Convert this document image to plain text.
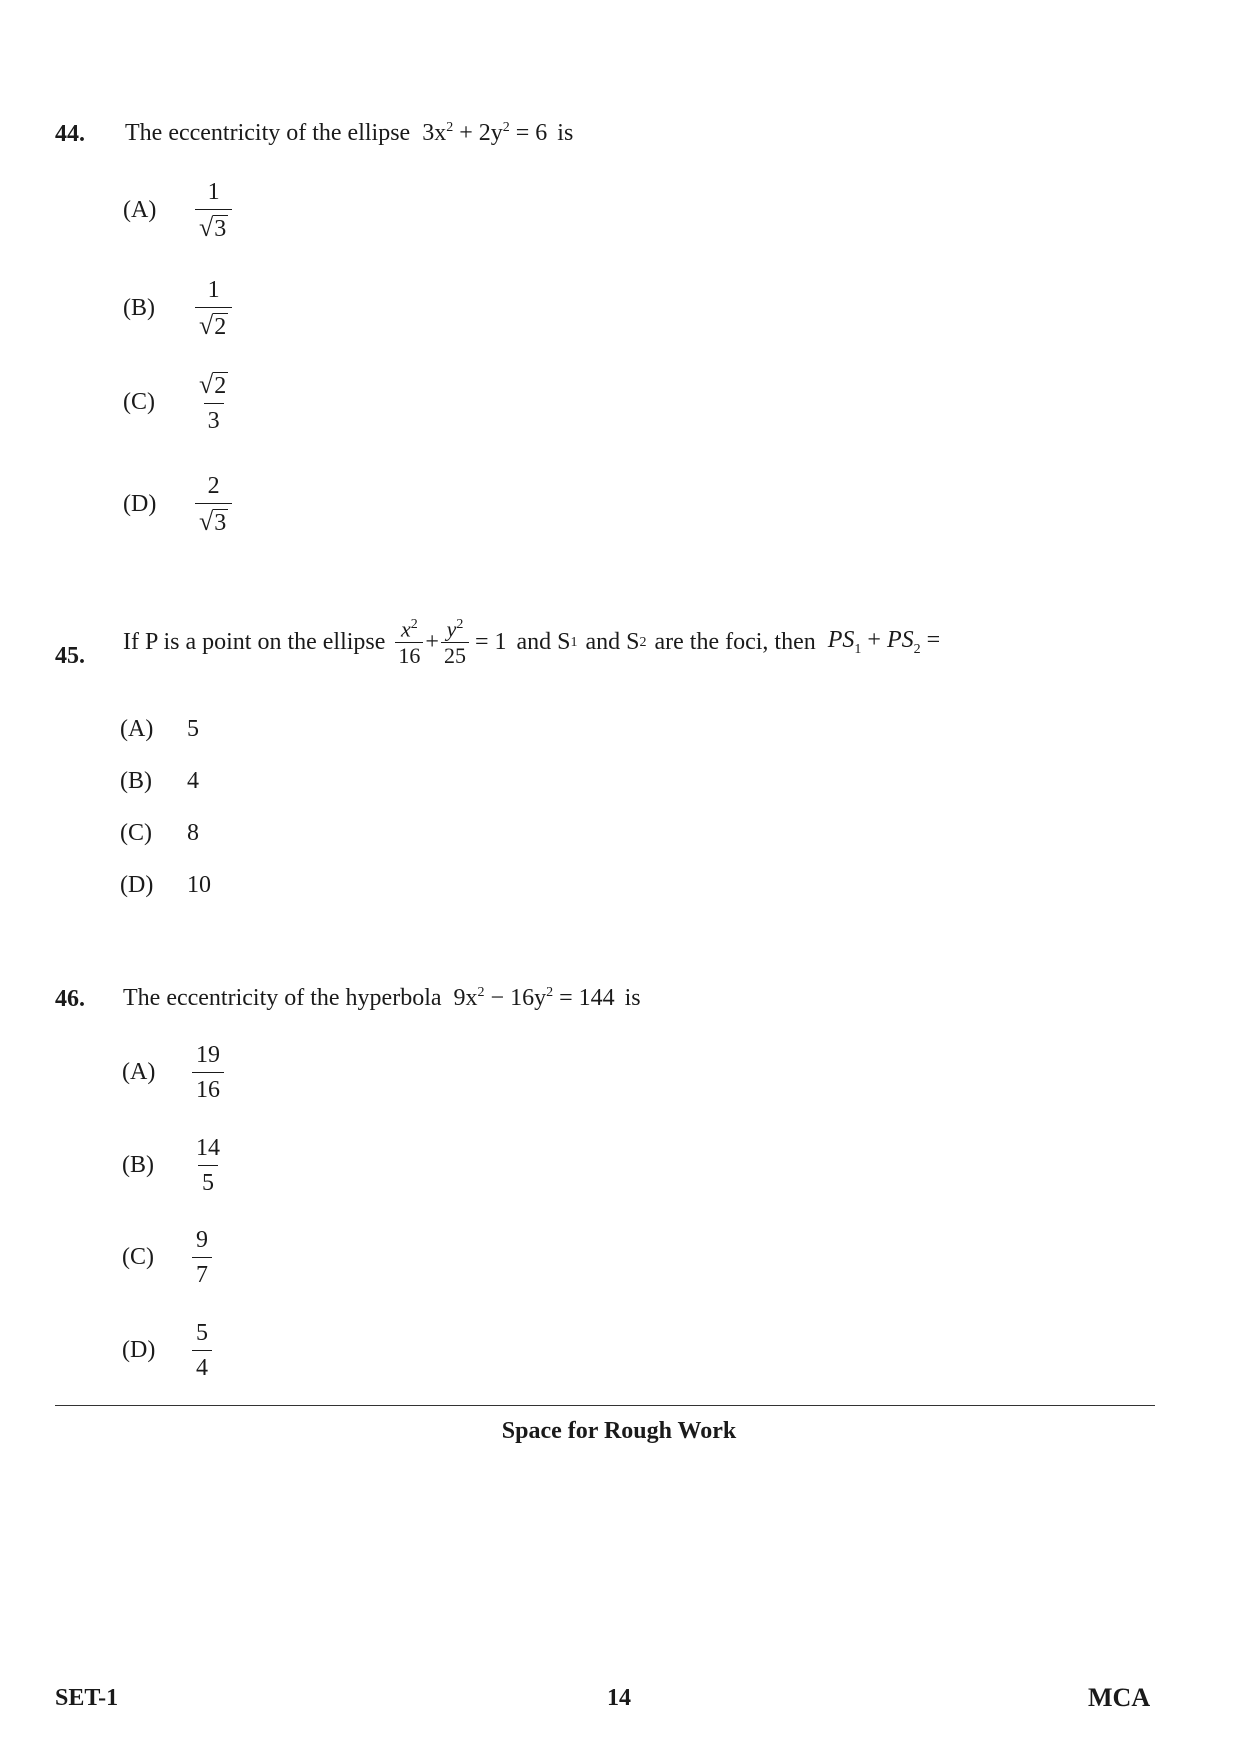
44. The eccentricity of the ellipse $3x^2 + 2y^2 = 6$ is
(A)	$\frac{1}{√ 3}$
(B)	$\frac{1}{√ 2}$
(C)	$\frac{√ 2}{3}$
(D)	$\frac{2}{√ 3}$
45.
If P is a point on the ellipse $\frac{x^2}{16} + \frac{y^2}{25} = 1$ and S 1 and S 2 are the foci, then $PS_1 + PS_2$ =
(A)	5
(B)	4
(C)	8
(D)	10
46. The eccentricity of the hyperbola $9x^2 - 16y^2 = 144$ is
(A)	$\frac{19}{16}$
(B)	$\frac{14}{5}$
(C)	$\frac{9}{7}$
(D)	$\frac{5}{4}$
Space for Rough Work
SET-1	14	MCA
